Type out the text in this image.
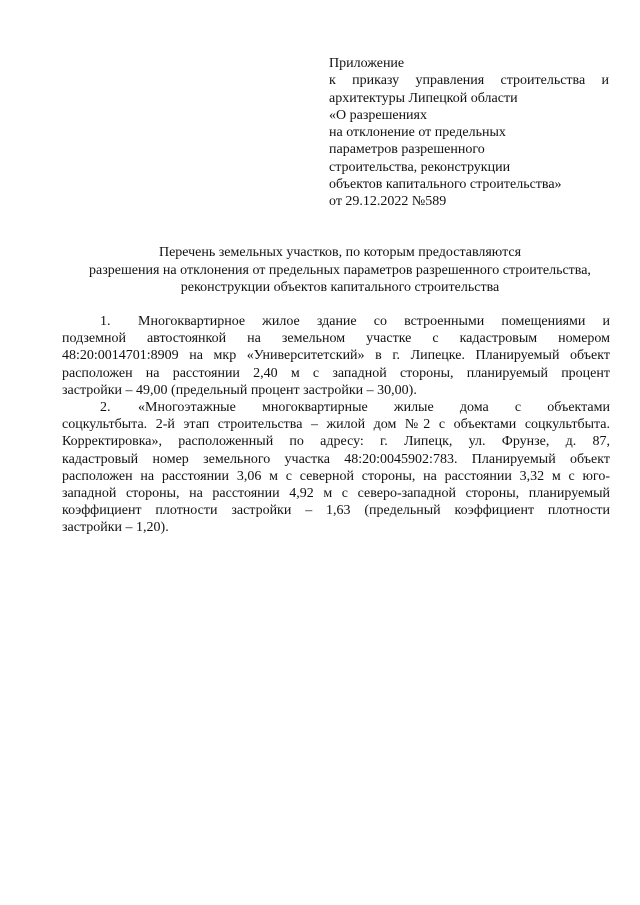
Приложение
к приказу управления строительства и
архитектуры Липецкой области
«О разрешениях
на отклонение от предельных
параметров разрешенного
строительства, реконструкции
объектов капитального строительства»
от 29.12.2022 №589
Перечень земельных участков, по которым предоставляются
разрешения на отклонения от предельных параметров разрешенного строительства,
реконструкции объектов капитального строительства
1. Многоквартирное жилое здание со встроенными помещениями и
подземной автостоянкой на земельном участке с кадастровым номером
48:20:0014701:8909 на мкр «Университетский» в г. Липецке. Планируемый объект
расположен на расстоянии 2,40 м с западной стороны, планируемый процент
застройки – 49,00 (предельный процент застройки – 30,00).
2. «Многоэтажные многоквартирные жилые дома с объектами
соцкультбыта. 2-й этап строительства – жилой дом №2 с объектами соцкультбыта.
Корректировка», расположенный по адресу: г. Липецк, ул. Фрунзе, д. 87,
кадастровый номер земельного участка 48:20:0045902:783. Планируемый объект
расположен на расстоянии 3,06 м с северной стороны, на расстоянии 3,32 м с юго-
западной стороны, на расстоянии 4,92 м с северо-западной стороны, планируемый
коэффициент плотности застройки – 1,63 (предельный коэффициент плотности
застройки – 1,20).
